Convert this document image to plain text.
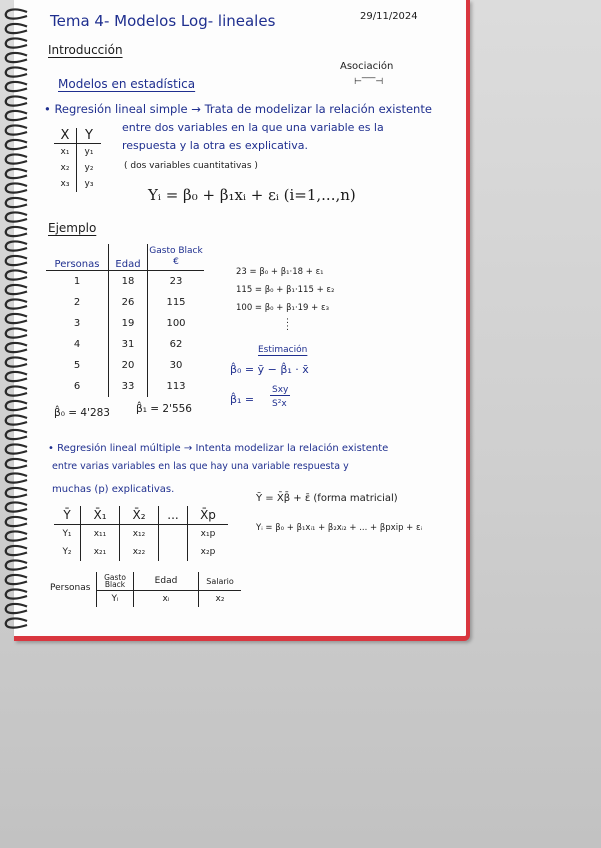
Tema 4- Modelos Log- lineales	29/11/2024
Introducción
Asociación
⊢‾‾‾⊣
Modelos en estadística
• Regresión lineal simple → Trata de modelizar la relación existente
entre dos variables en la que una variable es la
respuesta y la otra es explicativa.
( dos variables cuantitativas )
X	Y
x₁	y₁
x₂	y₂
x₃	y₃
Yᵢ = β₀ + β₁xᵢ + εᵢ (i=1,...,n)
Ejemplo
Personas	Edad	Gasto Black €
1	18	23
2	26	115
3	19	100
4	31	62
5	20	30
6	33	113
23 = β₀ + β₁·18 + ε₁
115 = β₀ + β₁·115 + ε₂
100 = β₀ + β₁·19 + ε₃
:
:
Estimación
β̂₀ = ȳ − β̂₁ · x̄
β̂₁ =
Sxy
S²x
β̂₀ = 4'283 β̂₁ = 2'556
• Regresión lineal múltiple → Intenta modelizar la relación existente
entre varias variables en las que hay una variable respuesta y
muchas (p) explicativas.
Ȳ	X̄₁	X̄₂	...	X̄p
Y₁	x₁₁	x₁₂		x₁p
Y₂	x₂₁	x₂₂		x₂p
Ȳ = X̄β̄ + ε̄ (forma matricial)
Yᵢ = β₀ + β₁xᵢ₁ + β₂xᵢ₂ + ... + βpxip + εᵢ
Personas
Gasto Black	Edad	Salario
Yᵢ	xᵢ	x₂
